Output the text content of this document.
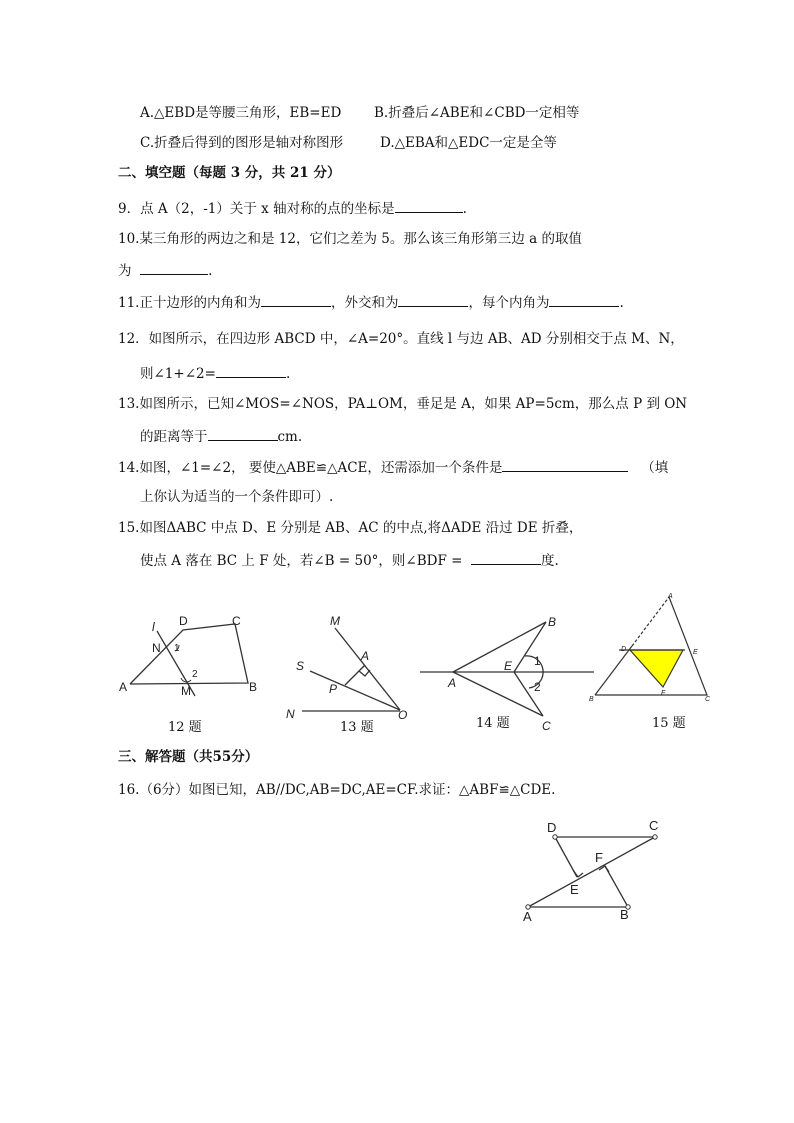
A.△EBD是等腰三角形，EB=ED B.折叠后∠ABE和∠CBD一定相等
C.折叠后得到的图形是轴对称图形	D.△EBA和△EDC一定是全等
二、填空题（每题 3 分，共 21 分）
9．点 A（2，-1）关于 x 轴对称的点的坐标是	.
10.某三角形的两边之和是 12，它们之差为 5。那么该三角形第三边 a 的取值
为	.
11.正十边形的内角和为	，外交和为	，每个内角为	.
12．如图所示，在四边形 ABCD 中，∠A=20°。直线 l 与边 AB、AD 分别相交于点 M、N，
则∠1+∠2=	.
13.如图所示，已知∠MOS=∠NOS，PA⊥OM，垂足是 A，如果 AP=5cm，那么点 P 到 ON
的距离等于	cm.
14.如图，∠1=∠2， 要使△ABE≌△ACE，还需添加一个条件是	（填
上你认为适当的一个条件即可）.
15.如图ΔABC 中点 D、E 分别是 AB、AC 的中点,将ΔADE 沿过 DE 折叠，
使点 A 落在 BC 上 F 处，若∠B = 50°，则∠BDF =	度.
l D	C
N 1
2
A	M	B
12 题
M
A
S
P
N	O
13 题
B
E 1
A	2
C
14 题
A
D	E
B
F
C
15 题
三、解答题（共55分）
16.（6分）如图已知，AB//DC,AB=DC,AE=CF.求证：△ABF≌△CDE.
D	C
F
E
A	B
